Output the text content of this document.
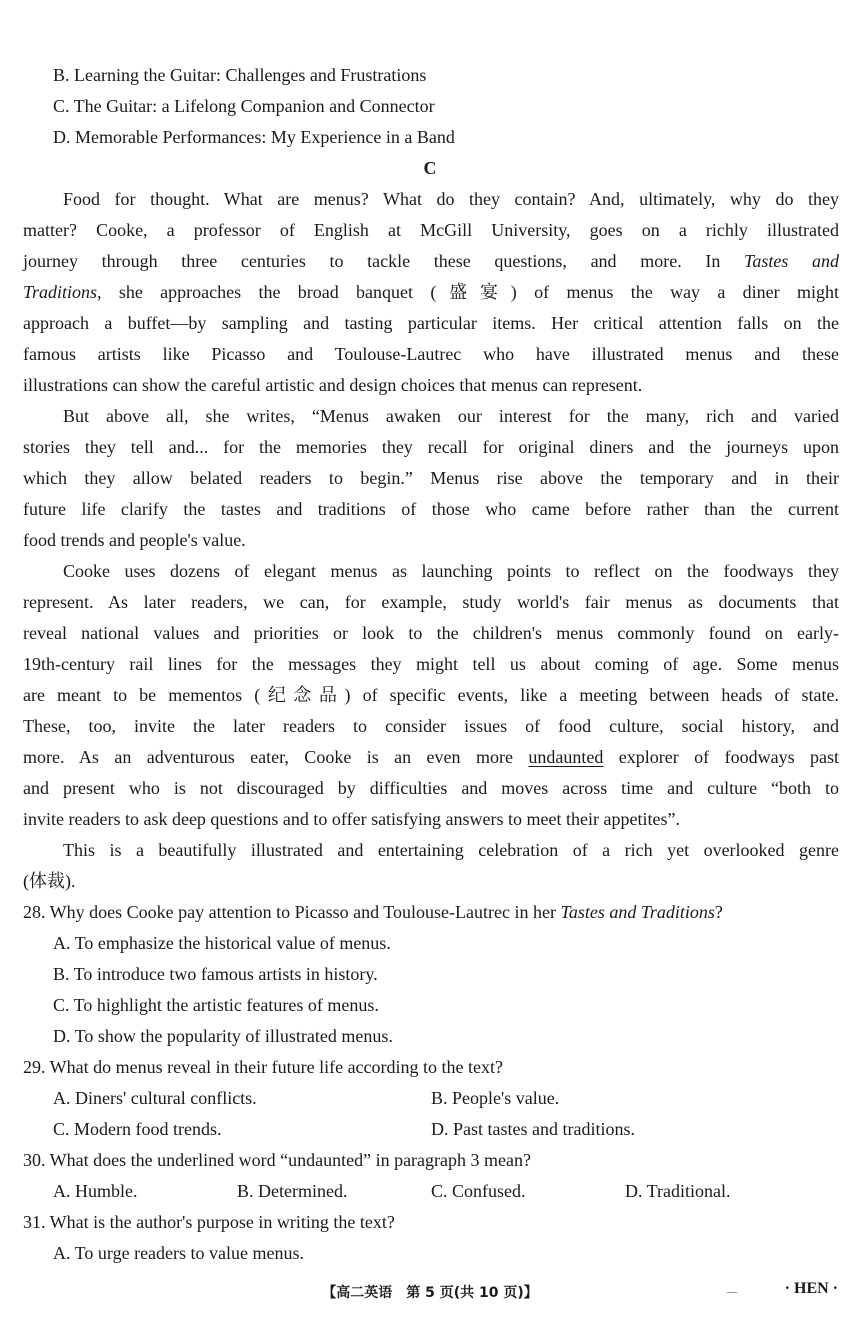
B. Learning the Guitar: Challenges and Frustrations
C. The Guitar: a Lifelong Companion and Connector
D. Memorable Performances: My Experience in a Band
C
Food for thought. What are menus? What do they contain? And, ultimately, why do they
matter? Cooke, a professor of English at McGill University, goes on a richly illustrated
journey through three centuries to tackle these questions, and more. In Tastes and
Traditions, she approaches the broad banquet (盛宴) of menus the way a diner might
approach a buffet—by sampling and tasting particular items. Her critical attention falls on the
famous artists like Picasso and Toulouse-Lautrec who have illustrated menus and these
illustrations can show the careful artistic and design choices that menus can represent.
But above all, she writes, “Menus awaken our interest for the many, rich and varied
stories they tell and... for the memories they recall for original diners and the journeys upon
which they allow belated readers to begin.” Menus rise above the temporary and in their
future life clarify the tastes and traditions of those who came before rather than the current
food trends and people's value.
Cooke uses dozens of elegant menus as launching points to reflect on the foodways they
represent. As later readers, we can, for example, study world's fair menus as documents that
reveal national values and priorities or look to the children's menus commonly found on early-
19th-century rail lines for the messages they might tell us about coming of age. Some menus
are meant to be mementos (纪念品) of specific events, like a meeting between heads of state.
These, too, invite the later readers to consider issues of food culture, social history, and
more. As an adventurous eater, Cooke is an even more undaunted explorer of foodways past
and present who is not discouraged by difficulties and moves across time and culture “both to
invite readers to ask deep questions and to offer satisfying answers to meet their appetites”.
This is a beautifully illustrated and entertaining celebration of a rich yet overlooked genre
(体裁).
28. Why does Cooke pay attention to Picasso and Toulouse-Lautrec in her Tastes and Traditions?
A. To emphasize the historical value of menus.
B. To introduce two famous artists in history.
C. To highlight the artistic features of menus.
D. To show the popularity of illustrated menus.
29. What do menus reveal in their future life according to the text?
A. Diners' cultural conflicts.	B. People's value.
C. Modern food trends.	D. Past tastes and traditions.
30. What does the underlined word “undaunted” in paragraph 3 mean?
A. Humble.	B. Determined.	C. Confused.	D. Traditional.
31. What is the author's purpose in writing the text?
A. To urge readers to value menus.
【高二英语　第 5 页(共 10 页)】	· HEN ·
